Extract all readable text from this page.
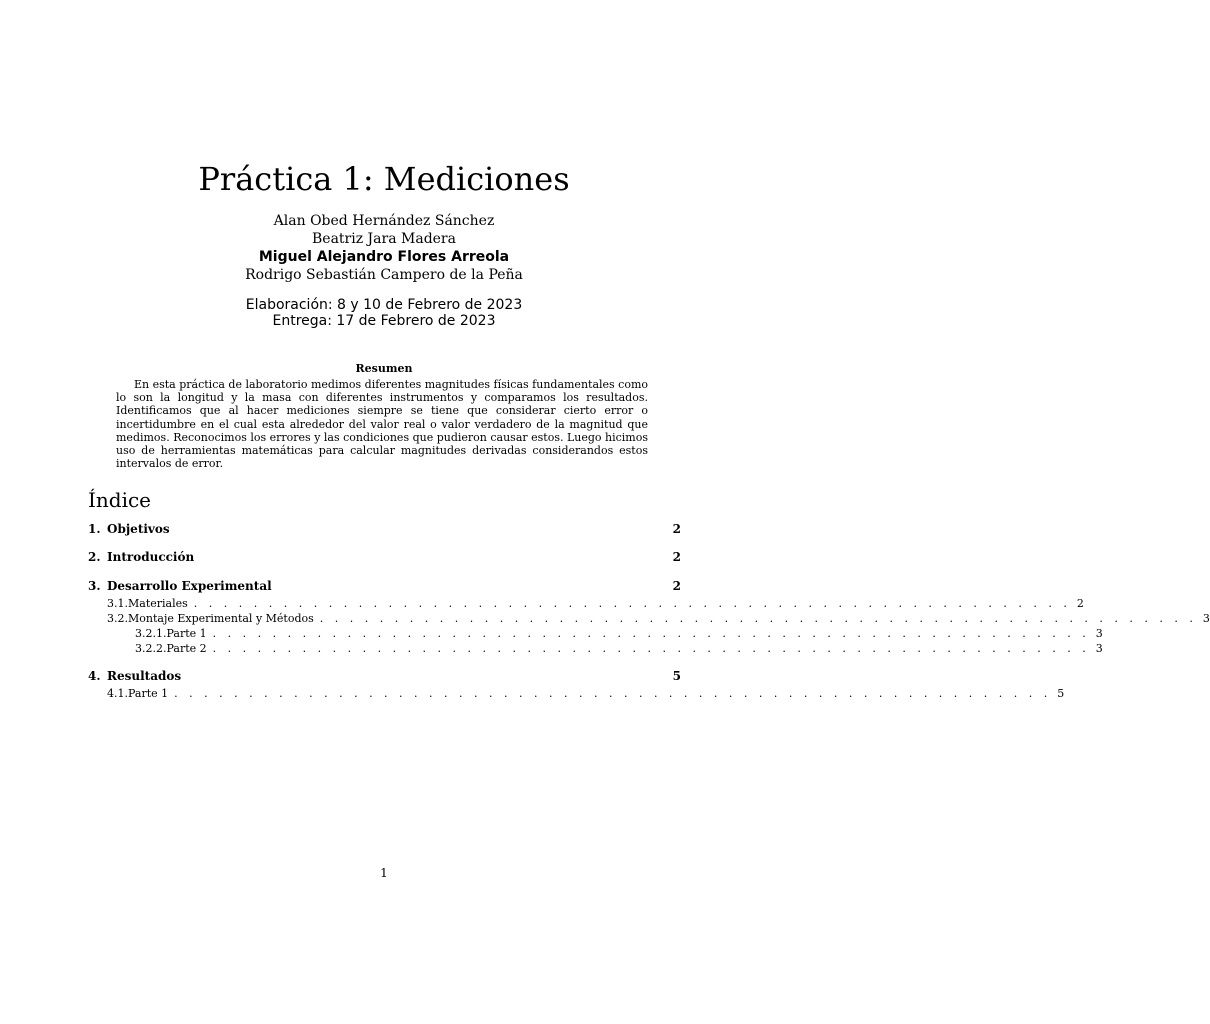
Práctica 1: Mediciones
Alan Obed Hernández Sánchez
Beatriz Jara Madera
Miguel Alejandro Flores Arreola
Rodrigo Sebastián Campero de la Peña
Elaboración: 8 y 10 de Febrero de 2023
Entrega: 17 de Febrero de 2023
Resumen

En esta práctica de laboratorio medimos diferentes magnitudes físicas fundamentales como lo son la longitud y la masa con diferentes instrumentos y comparamos los resultados. Identificamos que al hacer mediciones siempre se tiene que considerar cierto error o incertidumbre en el cual esta alrededor del valor real o valor verdadero de la magnitud que medimos. Reconocimos los errores y las condiciones que pudieron causar estos. Luego hicimos uso de herramientas matemáticas para calcular magnitudes derivadas considerandos estos intervalos de error.

Índice
1. Objetivos	2
2. Introducción	2
3. Desarrollo Experimental	2
3.1. Materiales . . . . . . . . . . . . . . . . . . . . . . . . . . . . . . . . . . . . . . . . . . . . . . . . . . . . . . . . . . . 2
3.2. Montaje Experimental y Métodos . . . . . . . . . . . . . . . . . . . . . . . . . . . . . . . . . . . . . . . . . . . . . . . . . . . . . . . . . . . 3
3.2.1. Parte 1 . . . . . . . . . . . . . . . . . . . . . . . . . . . . . . . . . . . . . . . . . . . . . . . . . . . . . . . . . . . 3
3.2.2. Parte 2 . . . . . . . . . . . . . . . . . . . . . . . . . . . . . . . . . . . . . . . . . . . . . . . . . . . . . . . . . . . 3
4. Resultados	5
4.1. Parte 1 . . . . . . . . . . . . . . . . . . . . . . . . . . . . . . . . . . . . . . . . . . . . . . . . . . . . . . . . . . . 5
1
